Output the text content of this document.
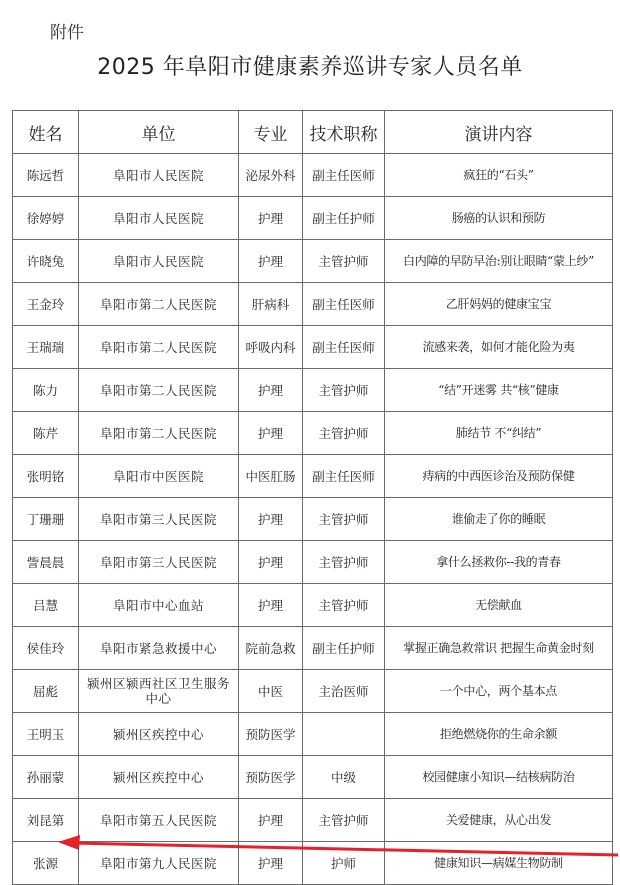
附件
2025 年阜阳市健康素养巡讲专家人员名单
姓名	单位	专业	技术职称	演讲内容
陈远哲	阜阳市人民医院	泌尿外科	副主任医师	疯狂的“石头”
徐婷婷	阜阳市人民医院	护理	副主任护师	肠癌的认识和预防
许晓兔	阜阳市人民医院	护理	主管护师	白内障的早防早治:别让眼睛“蒙上纱”
王金玲	阜阳市第二人民医院	肝病科	副主任医师	乙肝妈妈的健康宝宝
王瑞瑞	阜阳市第二人民医院	呼吸内科	副主任医师	流感来袭，如何才能化险为夷
陈力	阜阳市第二人民医院	护理	主管护师	“结”开迷雾 共“核”健康
陈芹	阜阳市第二人民医院	护理	主管护师	肺结节 不“纠结”
张明铭	阜阳市中医医院	中医肛肠	副主任医师	痔病的中西医诊治及预防保健
丁珊珊	阜阳市第三人民医院	护理	主管护师	谁偷走了你的睡眠
訾晨晨	阜阳市第三人民医院	护理	主管护师	拿什么拯救你--我的青春
吕慧	阜阳市中心血站	护理	主管护师	无偿献血
侯佳玲	阜阳市紧急救援中心	院前急救	副主任护师	掌握正确急救常识 把握生命黄金时刻
屈彪	颍州区颍西社区卫生服务中心	中医	主治医师	一个中心，两个基本点
王明玉	颍州区疾控中心	预防医学		拒绝燃烧你的生命余额
孙丽蒙	颍州区疾控中心	预防医学	中级	校园健康小知识—结核病防治
刘昆第	阜阳市第五人民医院	护理	主管护师	关爱健康，从心出发
张源	阜阳市第九人民医院	护理	护师	健康知识—病媒生物防制
